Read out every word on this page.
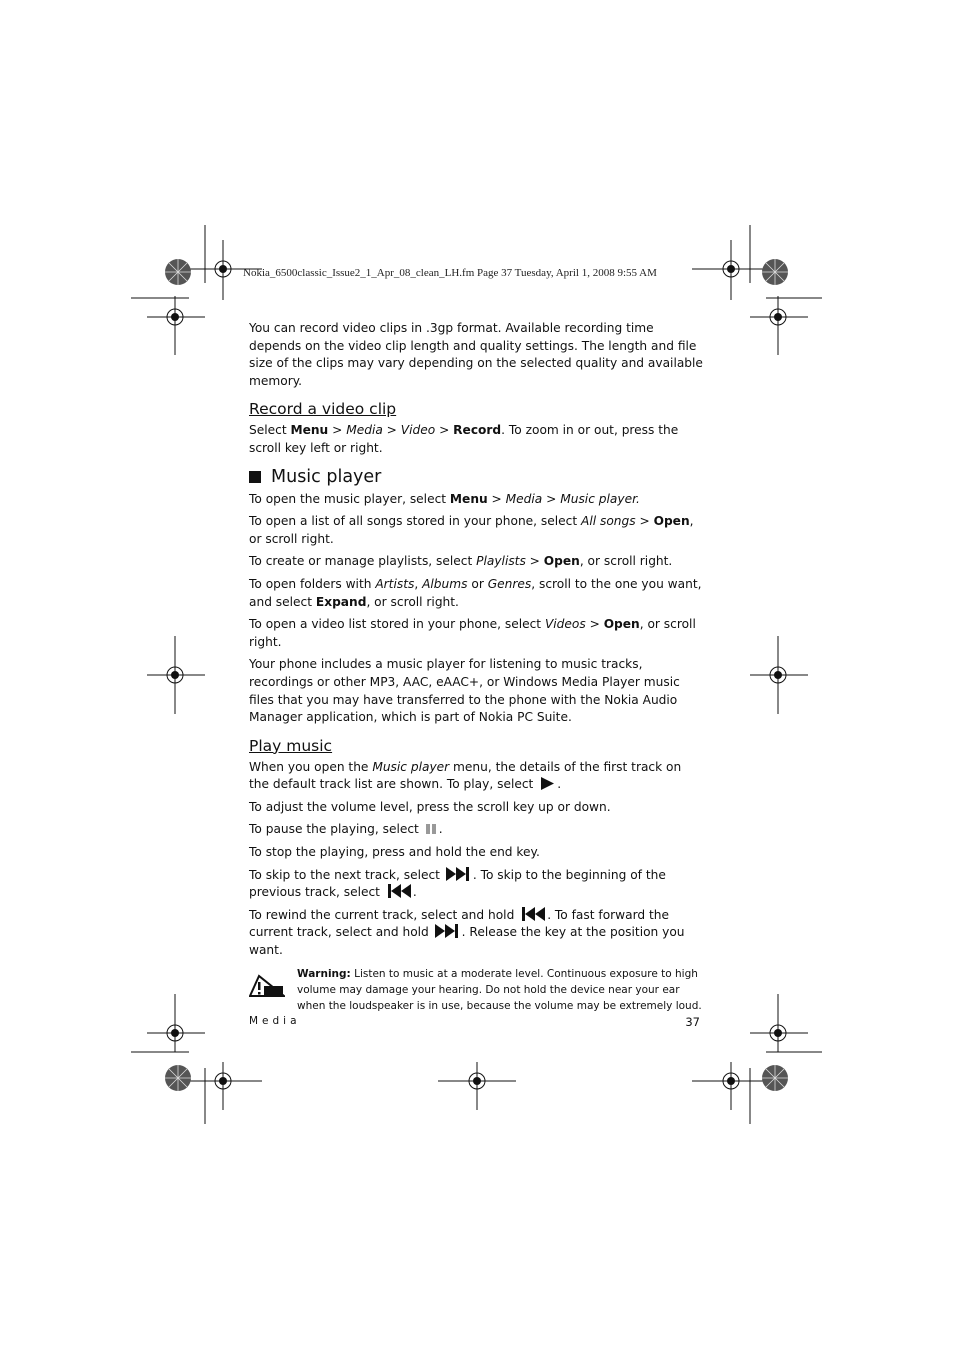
Nokia_6500classic_Issue2_1_Apr_08_clean_LH.fm Page 37 Tuesday, April 1, 2008 9:55 AM

You can record video clips in .3gp format. Available recording time depends on the video clip length and quality settings. The length and file size of the clips may vary depending on the selected quality and available memory.

Record a video clip

Select Menu > Media > Video > Record. To zoom in or out, press the scroll key left or right.

Music player

To open the music player, select Menu > Media > Music player.

To open a list of all songs stored in your phone, select All songs > Open, or scroll right.

To create or manage playlists, select Playlists > Open, or scroll right.

To open folders with Artists, Albums or Genres, scroll to the one you want, and select Expand, or scroll right.

To open a video list stored in your phone, select Videos > Open, or scroll right.

Your phone includes a music player for listening to music tracks, recordings or other MP3, AAC, eAAC+, or Windows Media Player music files that you may have transferred to the phone with the Nokia Audio Manager application, which is part of Nokia PC Suite.

Play music

When you open the Music player menu, the details of the first track on the default track list are shown. To play, select .

To adjust the volume level, press the scroll key up or down.

To pause the playing, select .

To stop the playing, press and hold the end key.

To skip to the next track, select . To skip to the beginning of the previous track, select .

To rewind the current track, select and hold . To fast forward the current track, select and hold . Release the key at the position you want.

Warning: Listen to music at a moderate level. Continuous exposure to high volume may damage your hearing. Do not hold the device near your ear when the loudspeaker is in use, because the volume may be extremely loud.
Media	37
